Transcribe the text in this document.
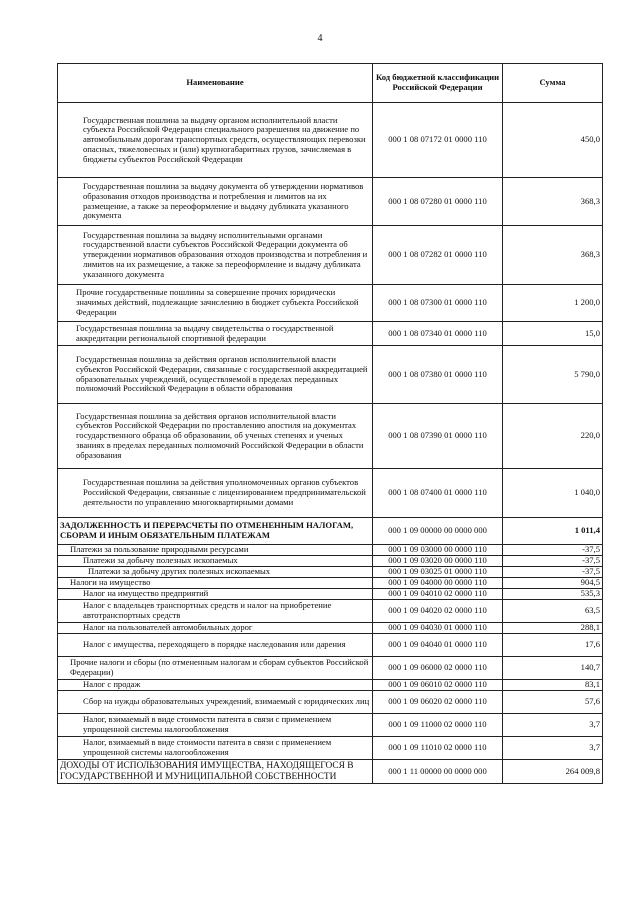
4
Наименование	Код бюджетной классификации Российской Федерации	Сумма
Государственная пошлина за выдачу органом исполнительной власти субъекта Российской Федерации специального разрешения на движение по автомобильным дорогам транспортных средств, осуществляющих перевозки опасных, тяжеловесных и (или) крупногабаритных грузов, зачисляемая в бюджеты субъектов Российской Федерации	000 1 08 07172 01 0000 110	450,0
Государственная пошлина за выдачу документа об утверждении нормативов образования отходов производства и потребления и лимитов на их размещение, а также за переоформление и выдачу дубликата указанного документа	000 1 08 07280 01 0000 110	368,3
Государственная пошлина за выдачу исполнительными органами государственной власти субъектов Российской Федерации документа об утверждении нормативов образования отходов производства и потребления и лимитов на их размещение, а также за переоформление и выдачу дубликата указанного документа	000 1 08 07282 01 0000 110	368,3
Прочие государственные пошлины за совершение прочих юридически значимых действий, подлежащие зачислению в бюджет субъекта Российской Федерации	000 1 08 07300 01 0000 110	1 200,0
Государственная пошлина за выдачу свидетельства о государственной аккредитации региональной спортивной федерации	000 1 08 07340 01 0000 110	15,0
Государственная пошлина за действия органов исполнительной власти субъектов Российской Федерации, связанные с государственной аккредитацией образовательных учреждений, осуществляемой в пределах переданных полномочий Российской Федерации в области образования	000 1 08 07380 01 0000 110	5 790,0
Государственная пошлина за действия органов исполнительной власти субъектов Российской Федерации по проставлению апостиля на документах государственного образца об образовании, об ученых степенях и ученых званиях в пределах переданных полномочий Российской Федерации в области образования	000 1 08 07390 01 0000 110	220,0
Государственная пошлина за действия уполномоченных органов субъектов Российской Федерации, связанные с лицензированием предпринимательской деятельности по управлению многоквартирными домами	000 1 08 07400 01 0000 110	1 040,0
ЗАДОЛЖЕННОСТЬ И ПЕРЕРАСЧЕТЫ ПО ОТМЕНЕННЫМ НАЛОГАМ, СБОРАМ И ИНЫМ ОБЯЗАТЕЛЬНЫМ ПЛАТЕЖАМ	000 1 09 00000 00 0000 000	1 011,4
Платежи за пользование природными ресурсами	000 1 09 03000 00 0000 110	-37,5
Платежи за добычу полезных ископаемых	000 1 09 03020 00 0000 110	-37,5
Платежи за добычу других полезных ископаемых	000 1 09 03025 01 0000 110	-37,5
Налоги на имущество	000 1 09 04000 00 0000 110	904,5
Налог на имущество предприятий	000 1 09 04010 02 0000 110	535,3
Налог с владельцев транспортных средств и налог на приобретение автотранспортных средств	000 1 09 04020 02 0000 110	63,5
Налог на пользователей автомобильных дорог	000 1 09 04030 01 0000 110	288,1
Налог с имущества, переходящего в порядке наследования или дарения	000 1 09 04040 01 0000 110	17,6
Прочие налоги и сборы (по отмененным налогам и сборам субъектов Российской Федерации)	000 1 09 06000 02 0000 110	140,7
Налог с продаж	000 1 09 06010 02 0000 110	83,1
Сбор на нужды образовательных учреждений, взимаемый с юридических лиц	000 1 09 06020 02 0000 110	57,6
Налог, взимаемый в виде стоимости патента в связи с применением упрощенной системы налогообложения	000 1 09 11000 02 0000 110	3,7
Налог, взимаемый в виде стоимости патента в связи с применением упрощенной системы налогообложения	000 1 09 11010 02 0000 110	3,7
ДОХОДЫ ОТ ИСПОЛЬЗОВАНИЯ ИМУЩЕСТВА, НАХОДЯЩЕГОСЯ В ГОСУДАРСТВЕННОЙ И МУНИЦИПАЛЬНОЙ СОБСТВЕННОСТИ	000 1 11 00000 00 0000 000	264 009,8
